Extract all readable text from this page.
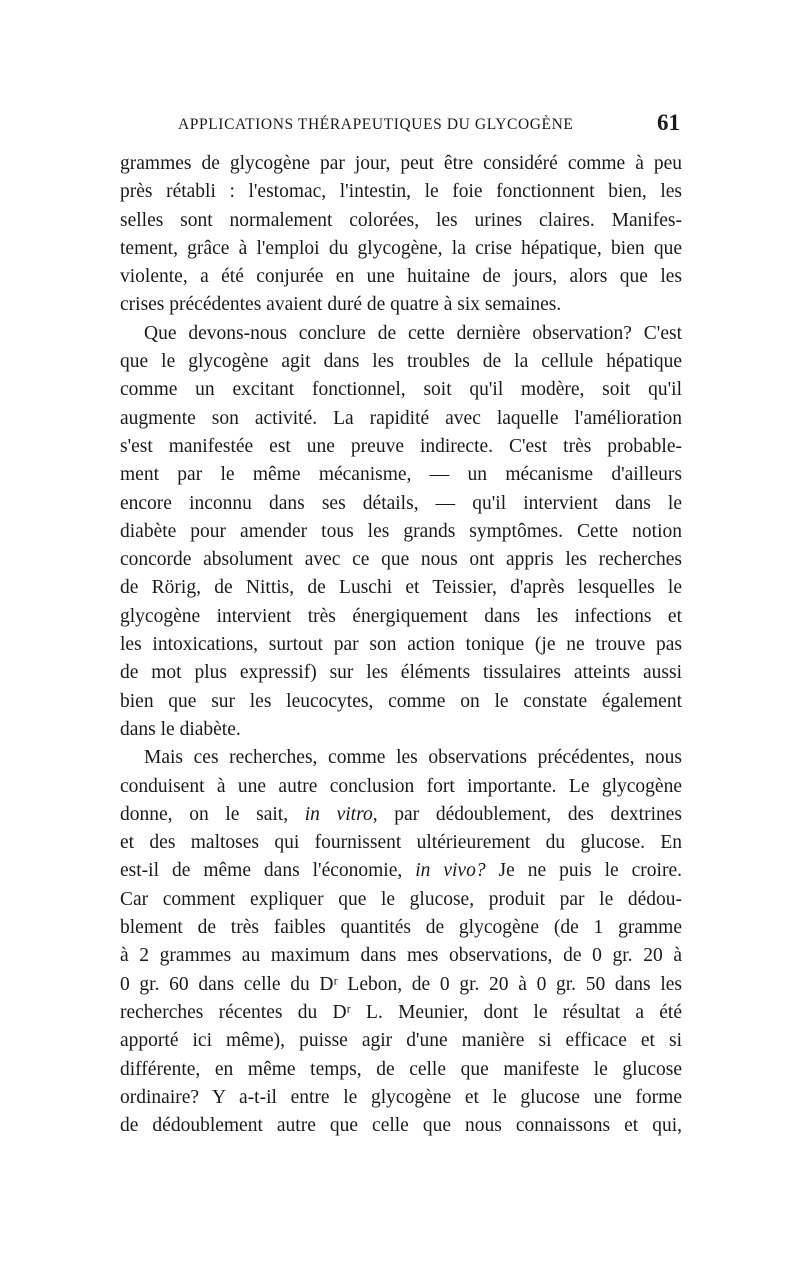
APPLICATIONS THÉRAPEUTIQUES DU GLYCOGÈNE	61
grammes de glycogène par jour, peut être considéré comme à peu
près rétabli : l'estomac, l'intestin, le foie fonctionnent bien, les
selles sont normalement colorées, les urines claires. Manifes-
tement, grâce à l'emploi du glycogène, la crise hépatique, bien que
violente, a été conjurée en une huitaine de jours, alors que les
crises précédentes avaient duré de quatre à six semaines.
Que devons-nous conclure de cette dernière observation? C'est
que le glycogène agit dans les troubles de la cellule hépatique
comme un excitant fonctionnel, soit qu'il modère, soit qu'il
augmente son activité. La rapidité avec laquelle l'amélioration
s'est manifestée est une preuve indirecte. C'est très probable-
ment par le même mécanisme, — un mécanisme d'ailleurs
encore inconnu dans ses détails, — qu'il intervient dans le
diabète pour amender tous les grands symptômes. Cette notion
concorde absolument avec ce que nous ont appris les recherches
de Rörig, de Nittis, de Luschi et Teissier, d'après lesquelles le
glycogène intervient très énergiquement dans les infections et
les intoxications, surtout par son action tonique (je ne trouve pas
de mot plus expressif) sur les éléments tissulaires atteints aussi
bien que sur les leucocytes, comme on le constate également
dans le diabète.
Mais ces recherches, comme les observations précédentes, nous
conduisent à une autre conclusion fort importante. Le glycogène
donne, on le sait, in vitro, par dédoublement, des dextrines
et des maltoses qui fournissent ultérieurement du glucose. En
est-il de même dans l'économie, in vivo? Je ne puis le croire.
Car comment expliquer que le glucose, produit par le dédou-
blement de très faibles quantités de glycogène (de 1 gramme
à 2 grammes au maximum dans mes observations, de 0 gr. 20 à
0 gr. 60 dans celle du Dʳ Lebon, de 0 gr. 20 à 0 gr. 50 dans les
recherches récentes du Dʳ L. Meunier, dont le résultat a été
apporté ici même), puisse agir d'une manière si efficace et si
différente, en même temps, de celle que manifeste le glucose
ordinaire? Y a-t-il entre le glycogène et le glucose une forme
de dédoublement autre que celle que nous connaissons et qui,
